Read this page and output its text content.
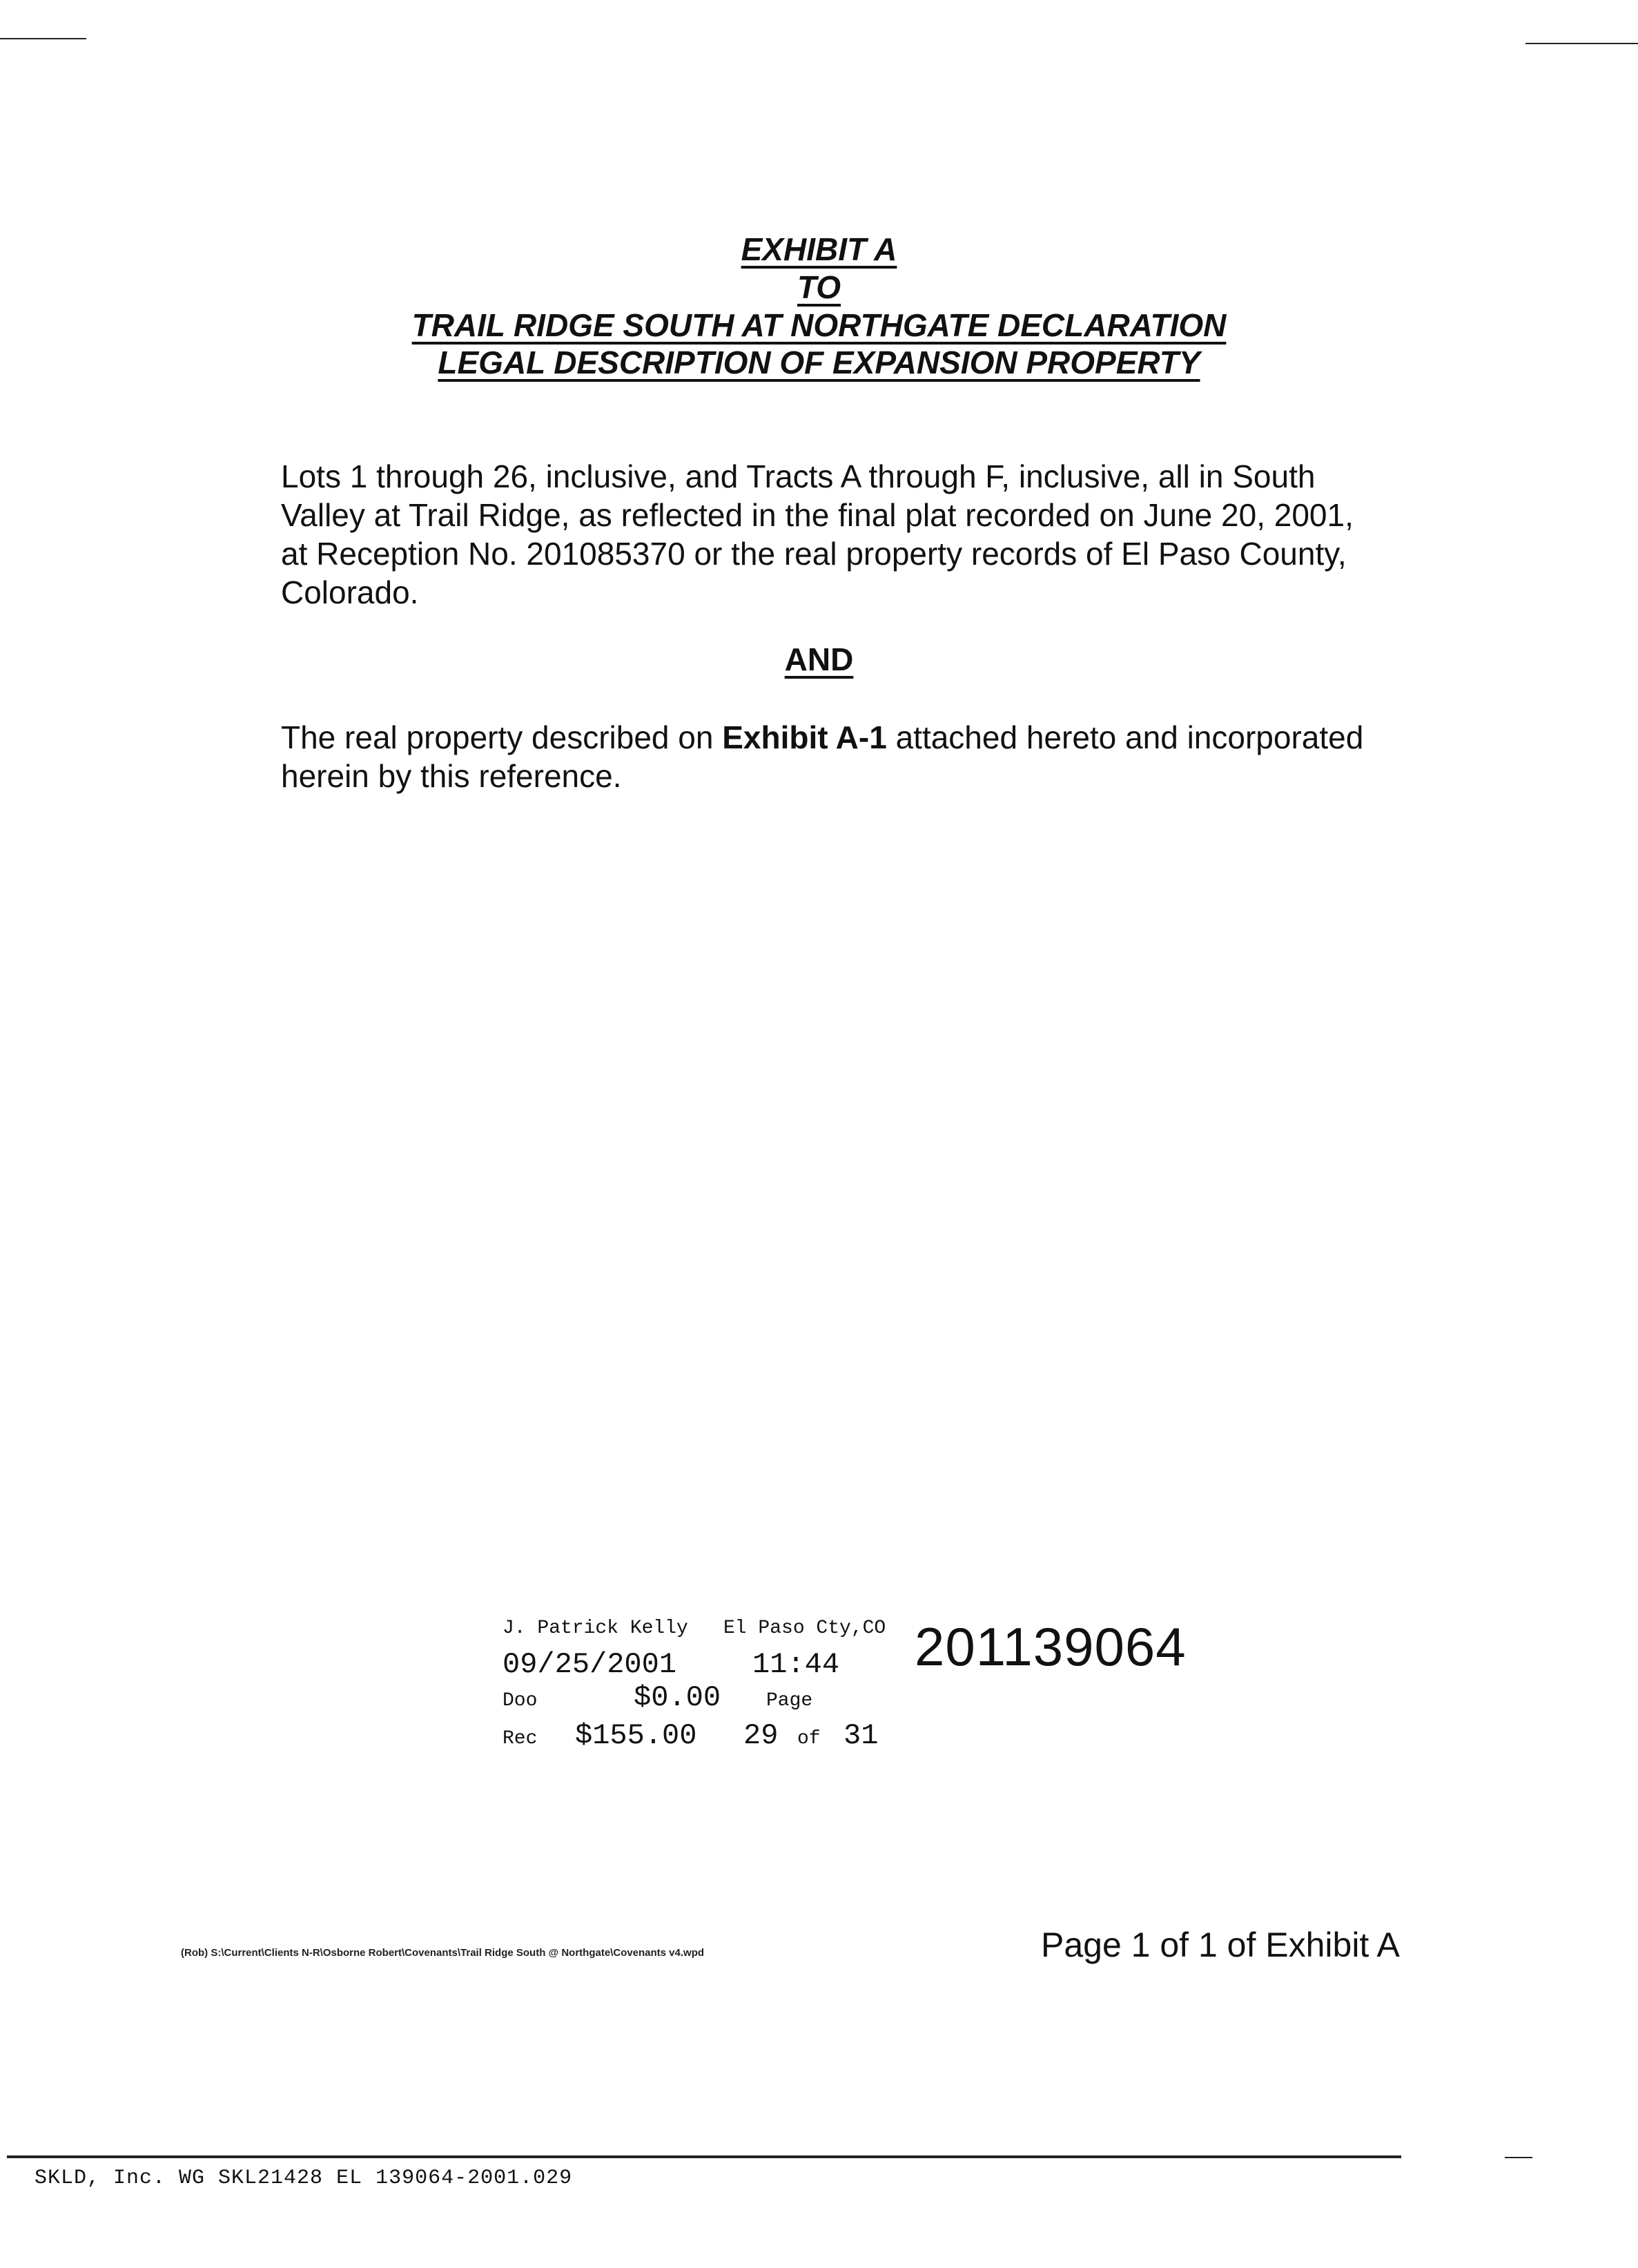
EXHIBIT A

TO

TRAIL RIDGE SOUTH AT NORTHGATE DECLARATION

LEGAL DESCRIPTION OF EXPANSION PROPERTY

Lots 1 through 26, inclusive, and Tracts A through F, inclusive, all in South
Valley at Trail Ridge, as reflected in the final plat recorded on June 20, 2001,
at Reception No. 201085370 or the real property records of El Paso County,
Colorado.

AND

The real property described on Exhibit A-1 attached hereto and incorporated
herein by this reference.
J. Patrick Kelly El Paso Cty,CO 201139064
09/25/2001	11:44
Doo	$0.00 Page
Rec $155.00 29 of 31
(Rob) S:\Current\Clients N-R\Osborne Robert\Covenants\Trail Ridge South @ Northgate\Covenants v4.wpd	Page 1 of 1 of Exhibit A
SKLD, Inc. WG SKL21428 EL 139064-2001.029
